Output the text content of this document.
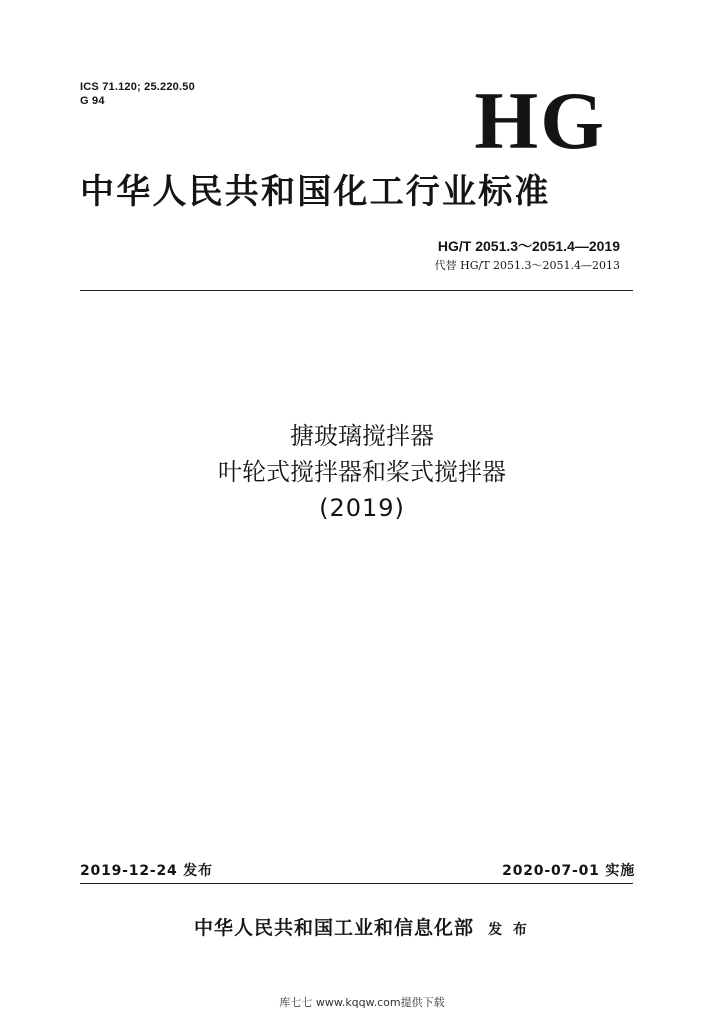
ICS 71.120; 25.220.50
G 94	HG
中华人民共和国化工行业标准
HG/T 2051.3～2051.4—2019
代替 HG/T 2051.3～2051.4—2013
搪玻璃搅拌器
叶轮式搅拌器和桨式搅拌器
(2019)
2019-12-24 发布	2020-07-01 实施
中华人民共和国工业和信息化部 发 布
库七七 www.kqqw.com提供下载
